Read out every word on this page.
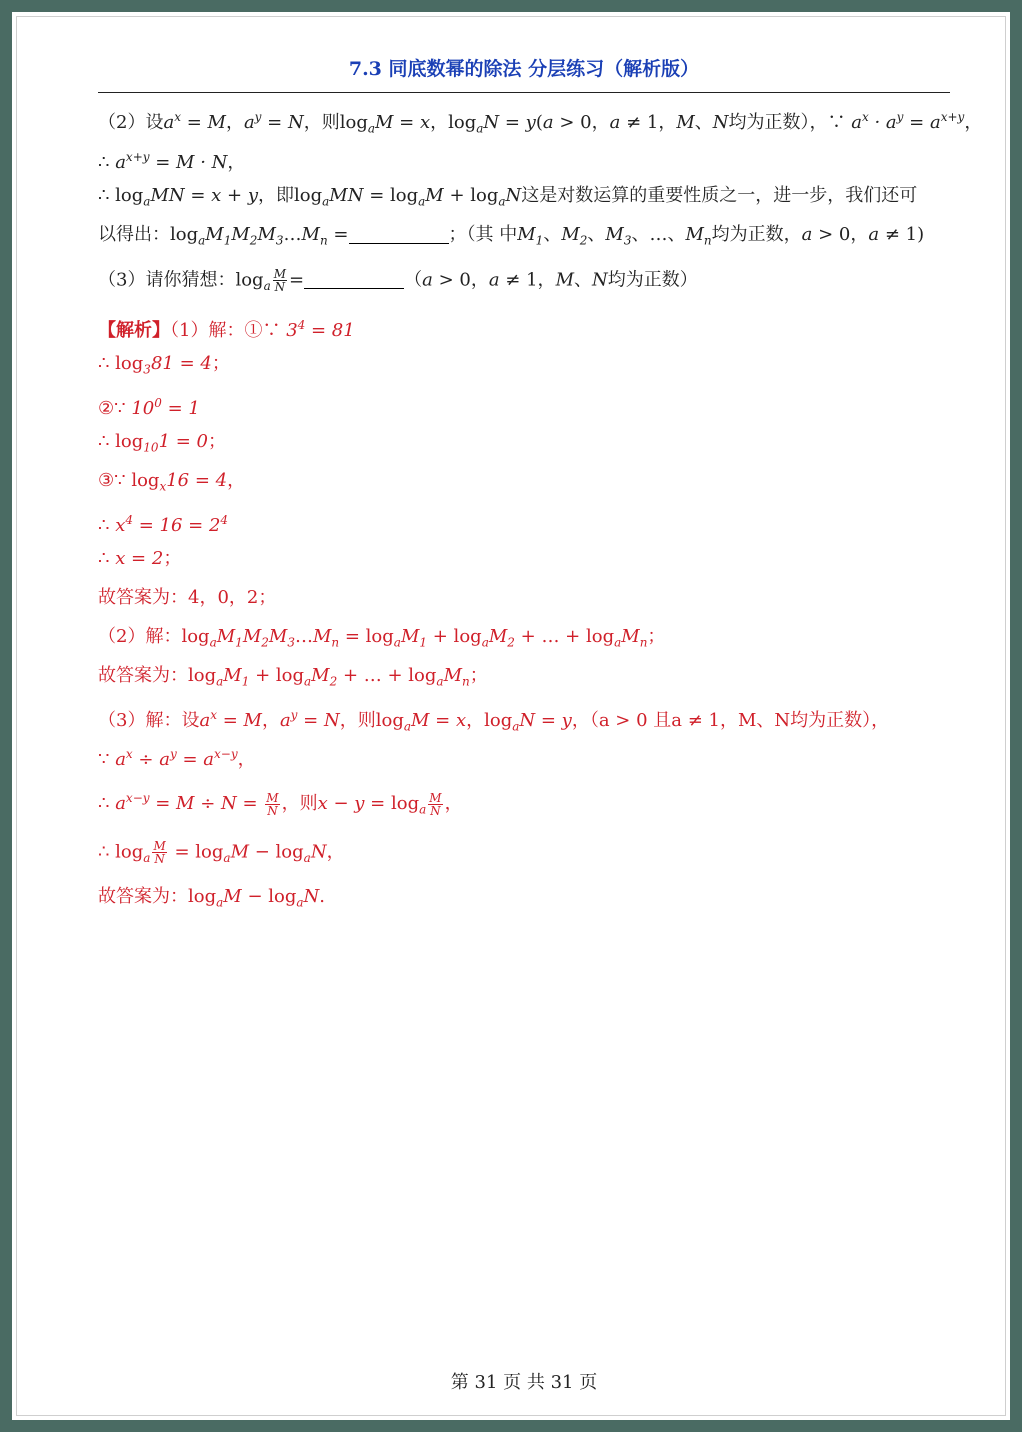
7.3 同底数幂的除法 分层练习（解析版）
（2）设$a^x = M$，$a^y = N$，则$\log_aM = x$，$\log_aN = y(a > 0$，a ≠ 1，M、N均为正数），∵ $a^x \cdot a^y = a^{x+y}$，
∴ $a^{x+y} = M \cdot N$，
∴ $\log_aMN = x + y$，即$\log_aMN = \log_aM + \log_aN$这是对数运算的重要性质之一，进一步，我们还可
以得出：$\log_aM_1M_2M_3\dots M_n$ =	；（其 中$M_1$、$M_2$、$M_3$、…、$M_n$均为正数，a > 0，a ≠ 1)
（3）请你猜想：$\log_a \frac{M}{N}$ =	（a > 0，a ≠ 1，M、N均为正数）
【解析】（1）解：①∵ $3^4 = 81$
∴ $\log_381 = 4$；
②∵ $10^0 = 1$
∴ $\log_{10}1 = 0$；
③∵ $\log_x16 = 4$，
∴ $x^4 = 16 = 2^4$
∴ x = 2；
故答案为：4，0，2；
（2）解：$\log_aM_1M_2M_3\dots M_n = \log_aM_1 + \log_aM_2$ + … + $\log_aM_n$；
故答案为：$\log_aM_1 + \log_aM_2$ + … + $\log_aM_n$；
（3）解：设$a^x = M$，$a^y = N$，则$\log_aM = x$，$\log_aN = y$，（a > 0 且a ≠ 1，M、N均为正数），
∵ $a^x \div a^y = a^{x-y}$，
∴ $a^{x-y} = M \div N = \frac{M}{N}$ ，则$x - y = \log_a \frac{M}{N}$ ，
∴ $\log_a \frac{M}{N} = \log_aM - \log_aN$，
故答案为：$\log_aM - \log_aN$.
第 31 页 共 31 页
